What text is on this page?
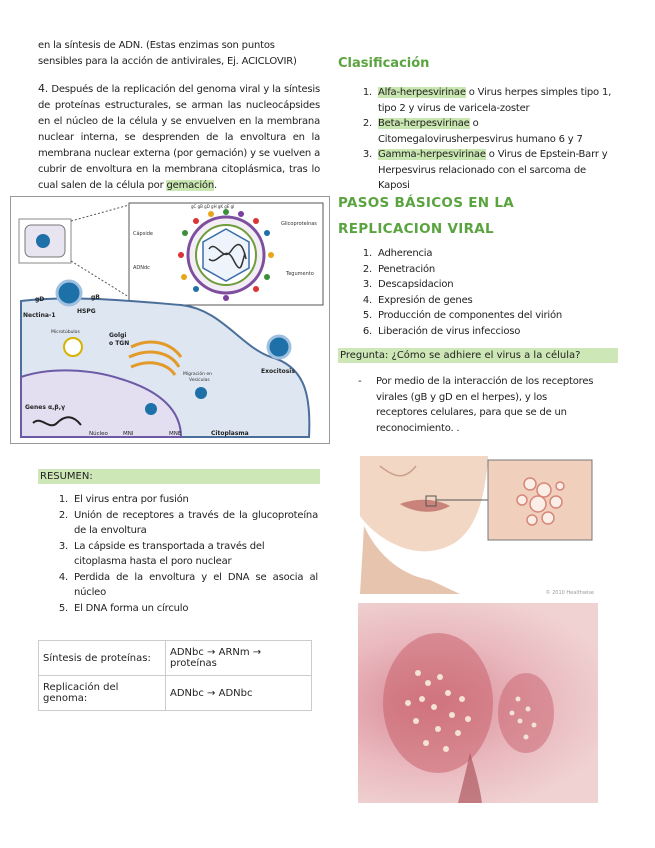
en la síntesis de ADN. (Estas enzimas son puntos sensibles para la acción de antivirales, Ej. ACICLOVIR)
4. Después de la replicación del genoma viral y la síntesis de proteínas estructurales, se arman las nucleocápsides en el núcleo de la célula y se envuelven en la membrana nuclear interna, se desprenden de la envoltura en la membrana nuclear externa (por gemación) y se vuelven a cubrir de envoltura en la membrana citoplásmica, tras lo cual salen de la célula por gemación.
Cápside
ADNdc
Glicoproteínas
Tegumento
gC gB gD gH gK gE gI
gD	gB
Nectina-1
HSPG
Microtúbulos	Golgi
o TGN
Migración en
Vesículas
Exocitosis
Genes α,β,γ
Núcleo	MNI	MNE	Citoplasma
RESUMEN:
1. El virus entra por fusión
2. Unión de receptores a través de la glucoproteína de la envoltura
3. La cápside es transportada a través del citoplasma hasta el poro nuclear
4. Perdida de la envoltura y el DNA se asocia al núcleo
5. El DNA forma un círculo
Síntesis de proteínas:	ADNbc → ARNm → proteínas
Replicación del genoma:	ADNbc → ADNbc
Clasificación
1. Alfa-herpesvirinae o Virus herpes simples tipo 1, tipo 2 y virus de varicela-zoster
2. Beta-herpesvirinae o Citomegalovirusherpesvirus humano 6 y 7
3. Gamma-herpesvirinae o Virus de Epstein-Barr y Herpesvirus relacionado con el sarcoma de Kaposi
PASOS BÁSICOS EN LA REPLICACION VIRAL
1. Adherencia
2. Penetración
3. Descapsidacion
4. Expresión de genes
5. Producción de componentes del virión
6. Liberación de virus infeccioso
Pregunta: ¿Cómo se adhiere el virus a la célula?
-	Por medio de la interacción de los receptores virales (gB y gD en el herpes), y los receptores celulares, para que se de un reconocimiento. .
© 2010 Healthwise
